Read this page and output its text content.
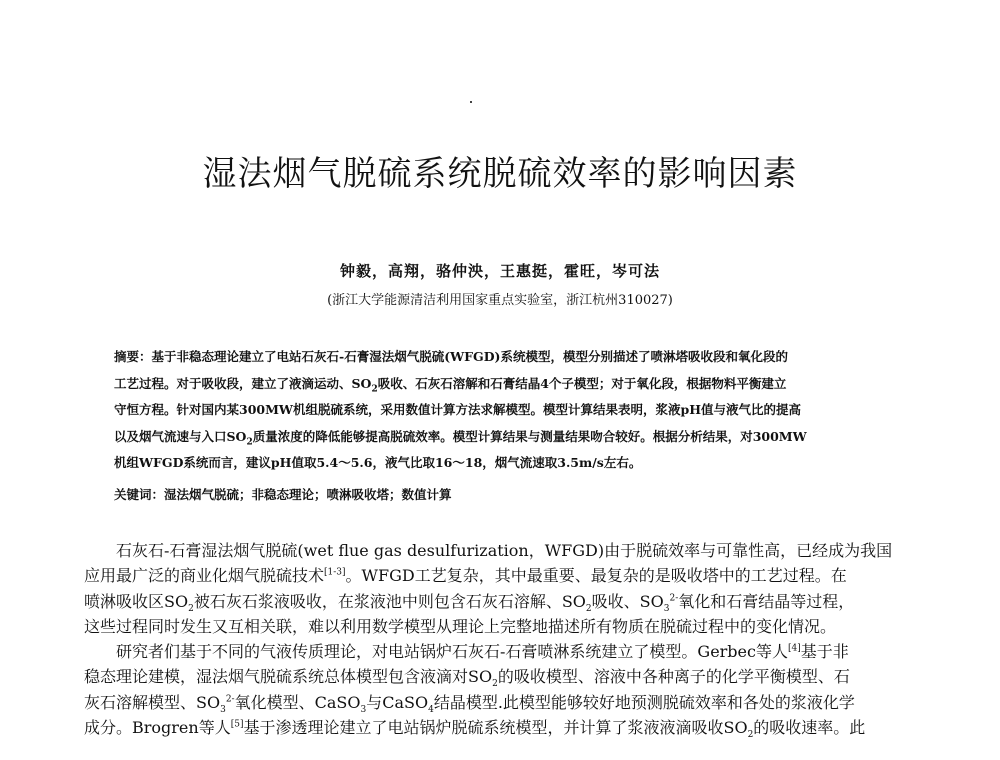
湿法烟气脱硫系统脱硫效率的影响因素
钟毅，高翔，骆仲泱，王惠挺，霍旺，岑可法
(浙江大学能源清洁利用国家重点实验室，浙江杭州310027)
摘要：基于非稳态理论建立了电站石灰石-石膏湿法烟气脱硫(WFGD)系统模型，模型分别描述了喷淋塔吸收段和氧化段的
工艺过程。对于吸收段，建立了液滴运动、$SO_2$吸收、石灰石溶解和石膏结晶4个子模型；对于氧化段，根据物料平衡建立
守恒方程。针对国内某300MW机组脱硫系统，采用数值计算方法求解模型。模型计算结果表明，浆液pH值与液气比的提高
以及烟气流速与入口$SO_2$质量浓度的降低能够提高脱硫效率。模型计算结果与测量结果吻合较好。根据分析结果，对300MW
机组WFGD系统而言，建议pH值取5.4～5.6，液气比取16～18，烟气流速取3.5m/s左右。
关键词：湿法烟气脱硫；非稳态理论；喷淋吸收塔；数值计算
石灰石-石膏湿法烟气脱硫(wet flue gas desulfurization，WFGD)由于脱硫效率与可靠性高，已经成为我国
应用最广泛的商业化烟气脱硫技术[1-3]。WFGD工艺复杂，其中最重要、最复杂的是吸收塔中的工艺过程。在
喷淋吸收区$SO_2$被石灰石浆液吸收，在浆液池中则包含石灰石溶解、$SO_2$吸收、$SO_3^{2-}$氧化和石膏结晶等过程，
这些过程同时发生又互相关联，难以利用数学模型从理论上完整地描述所有物质在脱硫过程中的变化情况。
研究者们基于不同的气液传质理论，对电站锅炉石灰石-石膏喷淋系统建立了模型。Gerbec等人[4]基于非
稳态理论建模，湿法烟气脱硫系统总体模型包含液滴对$SO_2$的吸收模型、溶液中各种离子的化学平衡模型、石
灰石溶解模型、$SO_3^{2-}$氧化模型、CaSO$_3$与CaSO$_4$结晶模型.此模型能够较好地预测脱硫效率和各处的浆液化学
成分。Brogren等人[5]基于渗透理论建立了电站锅炉脱硫系统模型，并计算了浆液液滴吸收$SO_2$的吸收速率。此
